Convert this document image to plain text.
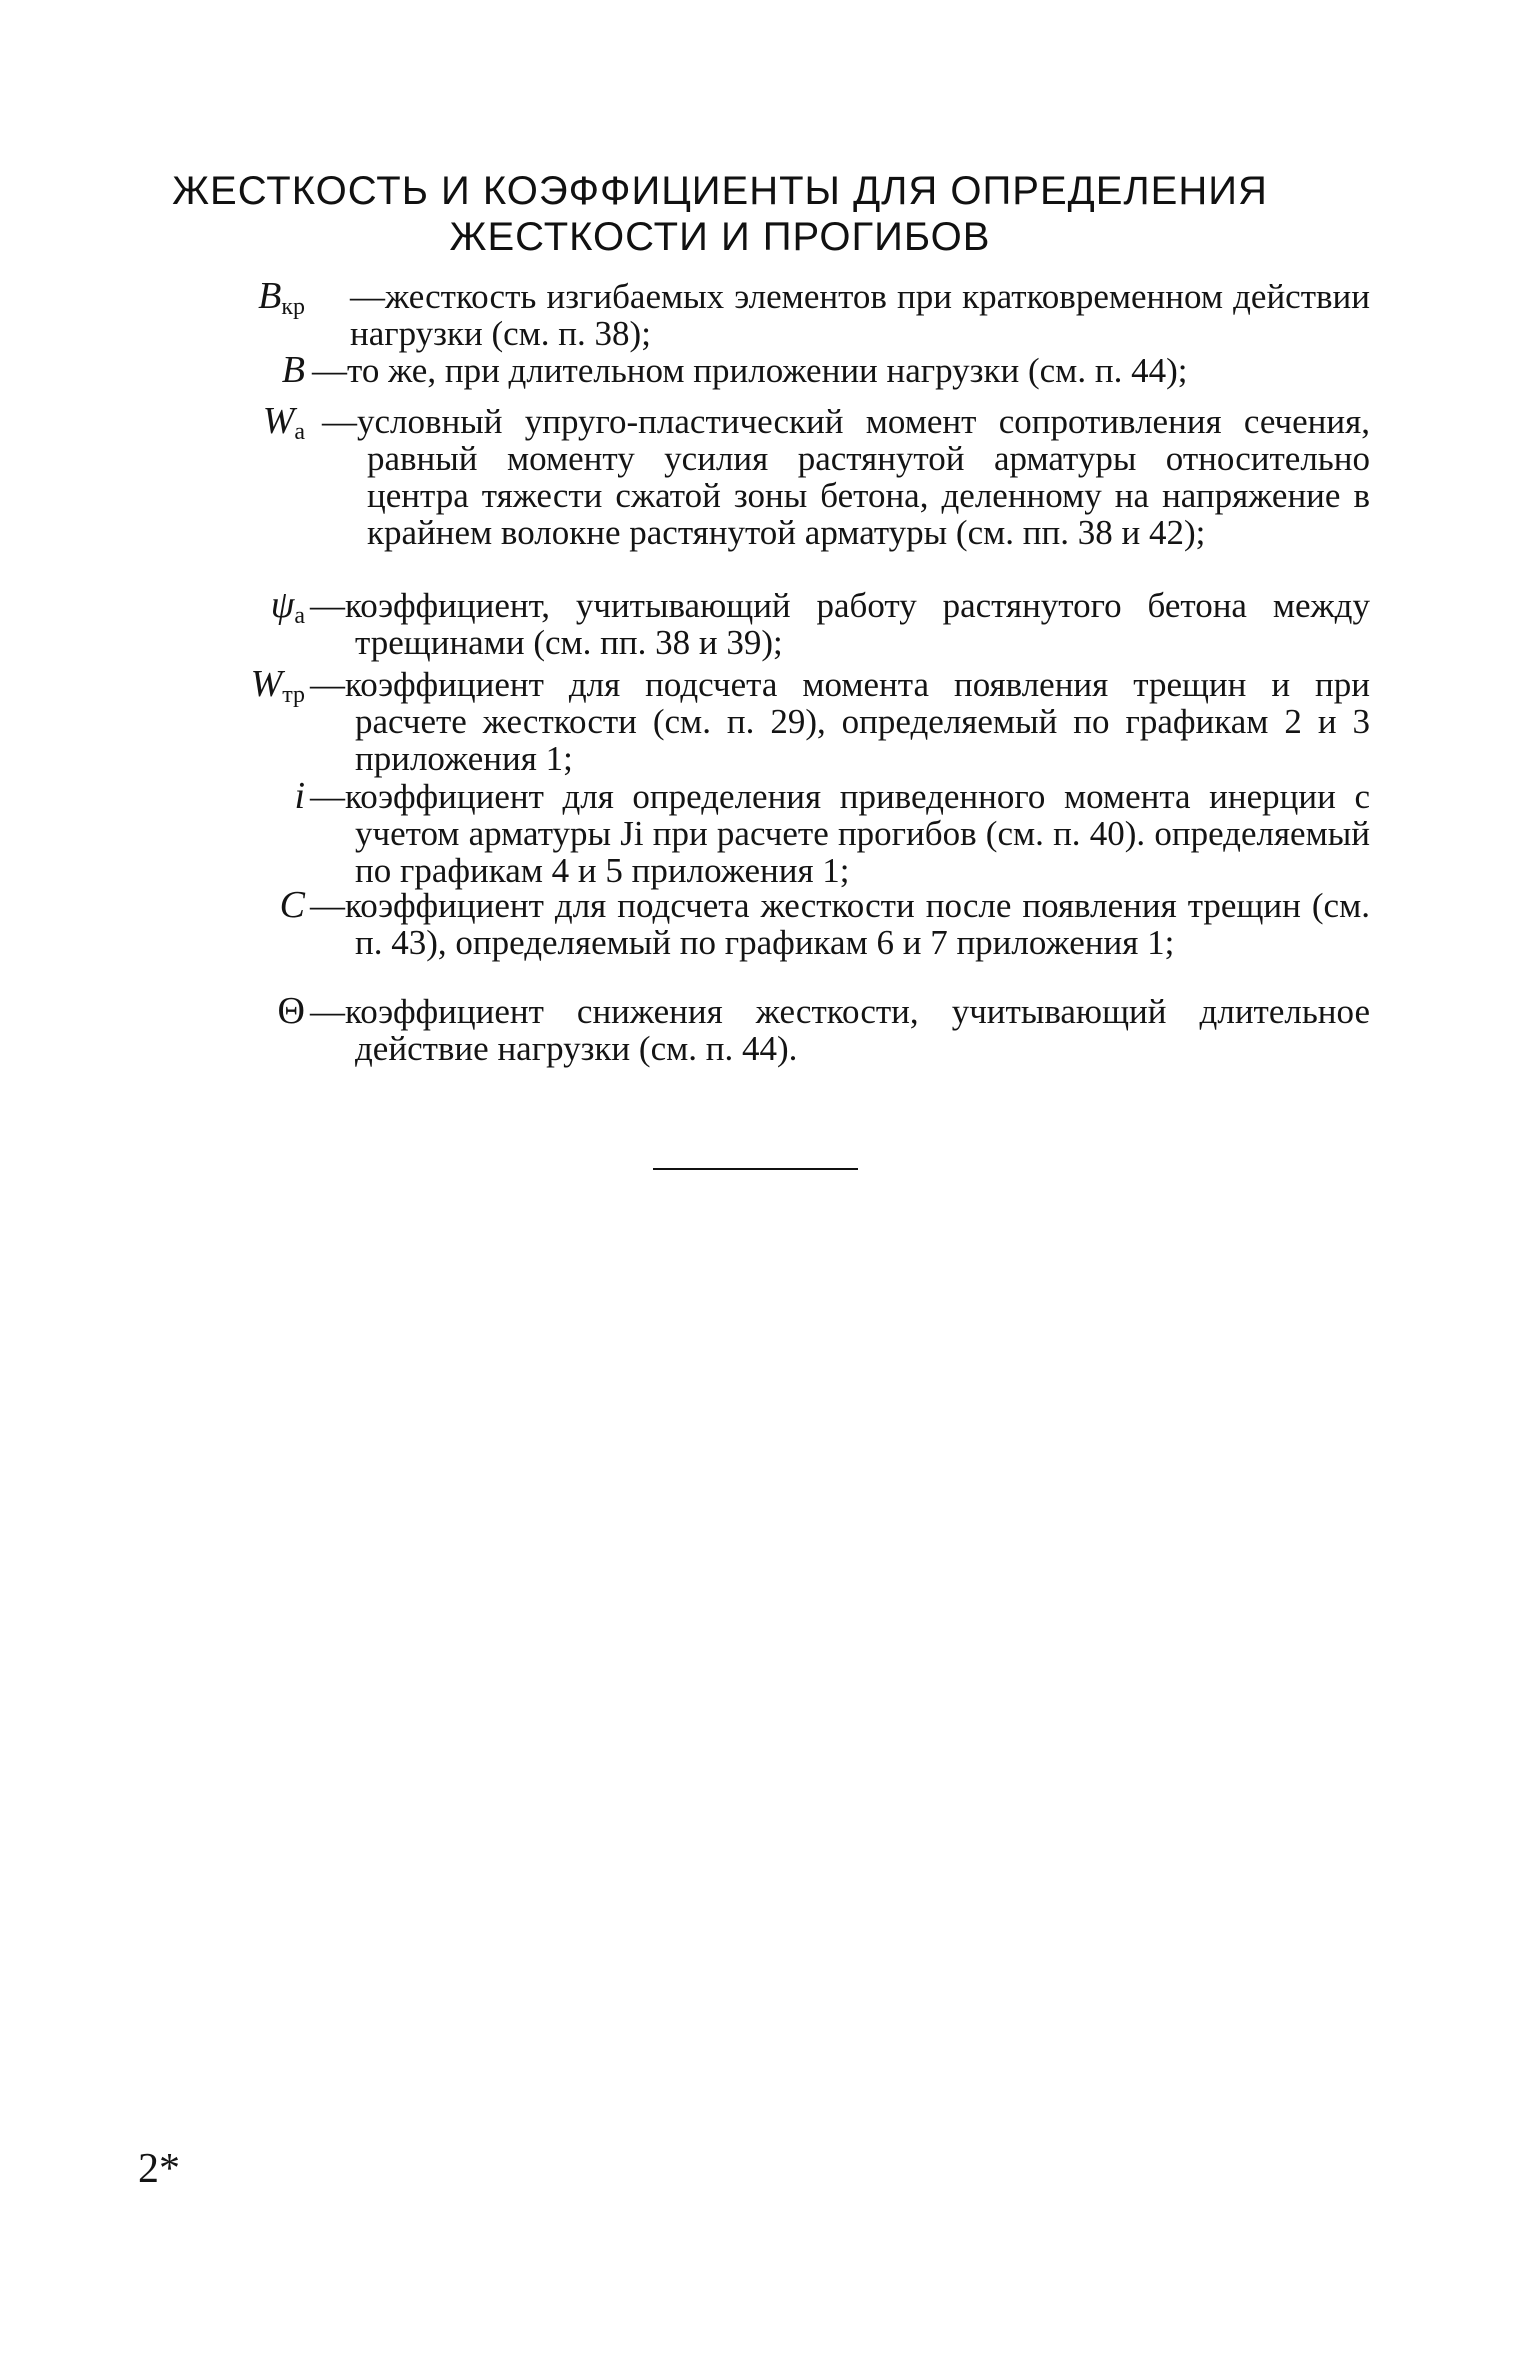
ЖЕСТКОСТЬ И КОЭФФИЦИЕНТЫ ДЛЯ ОПРЕДЕЛЕНИЯ
ЖЕСТКОСТИ И ПРОГИБОВ
$B_{кр}$	—жесткость изгибаемых элементов при кратковременном действии нагрузки (см. п. 38);
B —то же, при длительном приложении нагрузки (см. п. 44);
$W_а$ —условный упруго-пластический момент сопротивления сечения, равный моменту усилия растянутой арматуры относительно центра тяжести сжатой зоны бетона, деленному на напряжение в крайнем волокне растянутой арматуры (см. пп. 38 и 42);
$\psi_а$ —коэффициент, учитывающий работу растянутого бетона между трещинами (см. пп. 38 и 39);
$W_{тр}$ —коэффициент для подсчета момента появления трещин и при расчете жесткости (см. п. 29), определяемый по графикам 2 и 3 приложения 1;
i —коэффициент для определения приведенного момента инерции с учетом арматуры Ji при расчете прогибов (см. п. 40). определяемый по графикам 4 и 5 приложения 1;
C —коэффициент для подсчета жесткости после появления трещин (см. п. 43), определяемый по графикам 6 и 7 приложения 1;
Θ —коэффициент снижения жесткости, учитывающий длительное действие нагрузки (см. п. 44).
2*
